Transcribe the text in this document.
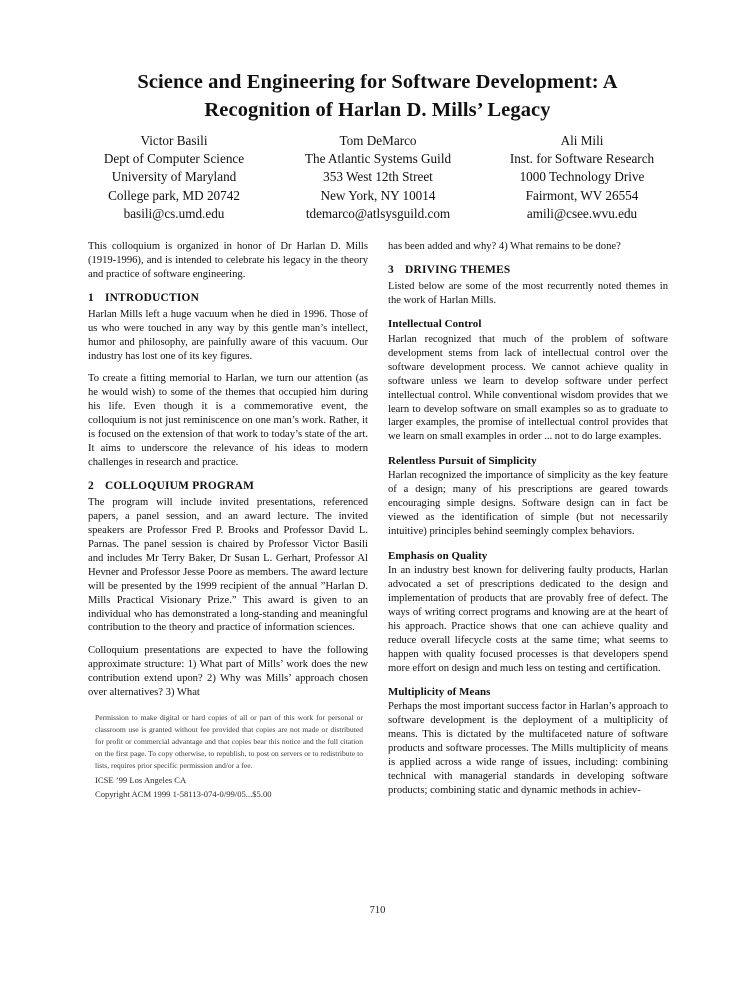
Science and Engineering for Software Development: A
Recognition of Harlan D. Mills’ Legacy
Victor Basili
Dept of Computer Science
University of Maryland
College park, MD 20742
basili@cs.umd.edu
Tom DeMarco
The Atlantic Systems Guild
353 West 12th Street
New York, NY 10014
tdemarco@atlsysguild.com
Ali Mili
Inst. for Software Research
1000 Technology Drive
Fairmont, WV 26554
amili@csee.wvu.edu

This colloquium is organized in honor of Dr Harlan D. Mills (1919-1996), and is intended to celebrate his legacy in the theory and practice of software engineering.

1 INTRODUCTION

Harlan Mills left a huge vacuum when he died in 1996. Those of us who were touched in any way by this gentle man’s intellect, humor and philosophy, are painfully aware of this vacuum. Our industry has lost one of its key figures.

To create a fitting memorial to Harlan, we turn our attention (as he would wish) to some of the themes that occupied him during his life. Even though it is a commemorative event, the colloquium is not just reminiscence on one man’s work. Rather, it is focused on the extension of that work to today’s state of the art. It aims to underscore the relevance of his ideas to modern challenges in research and practice.

2 COLLOQUIUM PROGRAM

The program will include invited presentations, referenced papers, a panel session, and an award lecture. The invited speakers are Professor Fred P. Brooks and Professor David L. Parnas. The panel session is chaired by Professor Victor Basili and includes Mr Terry Baker, Dr Susan L. Gerhart, Professor Al Hevner and Professor Jesse Poore as members. The award lecture will be presented by the 1999 recipient of the annual ”Harlan D. Mills Practical Visionary Prize.” This award is given to an individual who has demonstrated a long-standing and meaningful contribution to the theory and practice of information sciences.

Colloquium presentations are expected to have the following approximate structure: 1) What part of Mills’ work does the new contribution extend upon? 2) Why was Mills’ approach chosen over alternatives? 3) What

Permission to make digital or hard copies of all or part of this work for personal or classroom use is granted without fee provided that copies are not made or distributed for profit or commercial advantage and that copies bear this notice and the full citation on the first page. To copy otherwise, to republish, to post on servers or to redistribute to lists, requires prior specific permission and/or a fee.
ICSE ’99 Los Angeles CA
Copyright ACM 1999 1-58113-074-0/99/05...$5.00

has been added and why? 4) What remains to be done?

3 DRIVING THEMES

Listed below are some of the most recurrently noted themes in the work of Harlan Mills.

Intellectual Control

Harlan recognized that much of the problem of software development stems from lack of intellectual control over the software development process. We cannot achieve quality in software unless we learn to develop software under perfect intellectual control. While conventional wisdom provides that we learn to develop software on small examples so as to graduate to larger examples, the promise of intellectual control provides that we learn on small examples in order ... not to do large examples.

Relentless Pursuit of Simplicity

Harlan recognized the importance of simplicity as the key feature of a design; many of his prescriptions are geared towards encouraging simple designs. Software design can in fact be viewed as the identification of simple (but not necessarily intuitive) principles behind seemingly complex behaviors.

Emphasis on Quality

In an industry best known for delivering faulty products, Harlan advocated a set of prescriptions dedicated to the design and implementation of products that are provably free of defect. The ways of writing correct programs and knowing are at the heart of his approach. Practice shows that one can achieve quality and reduce overall lifecycle costs at the same time; what seems to happen with quality focused processes is that developers spend more effort on design and much less on testing and certification.

Multiplicity of Means

Perhaps the most important success factor in Harlan’s approach to software development is the deployment of a multiplicity of means. This is dictated by the multifaceted nature of software products and software processes. The Mills multiplicity of means is applied across a wide range of issues, including: combining technical with managerial standards in developing software products; combining static and dynamic methods in achiev-

710
